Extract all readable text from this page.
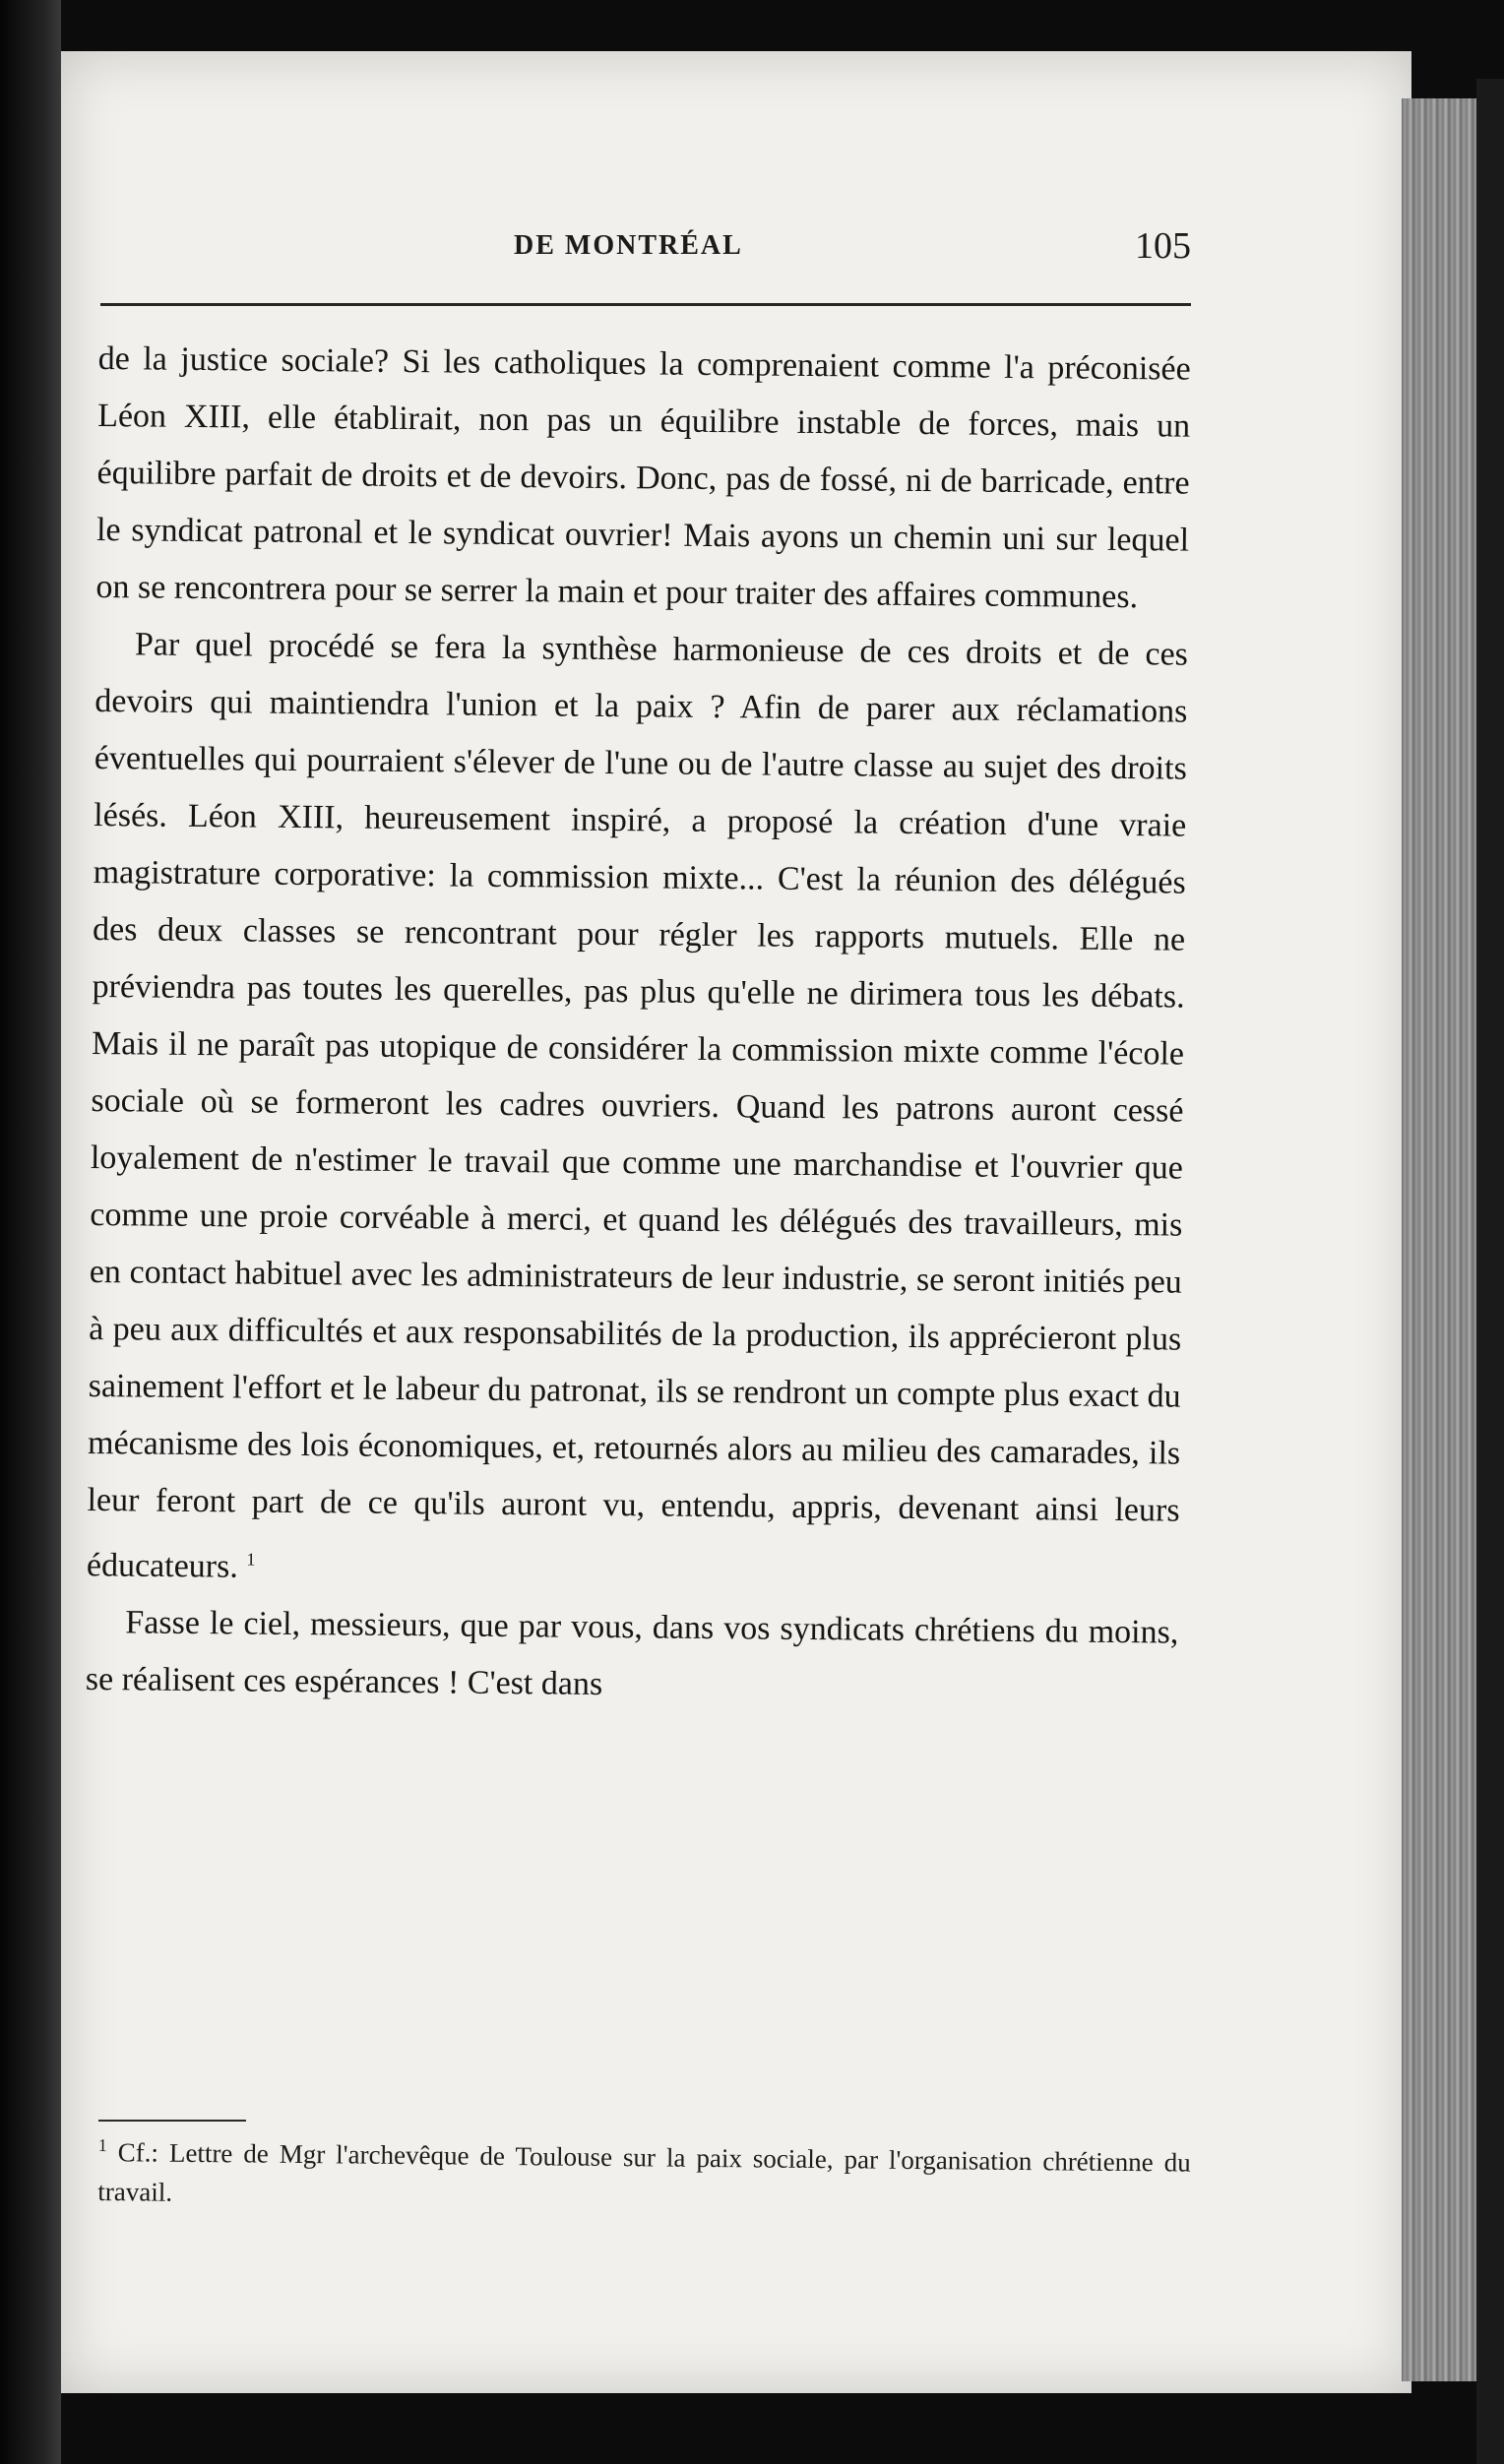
DE MONTRÉAL	105

de la justice sociale? Si les catholiques la comprenaient comme l'a préconisée Léon XIII, elle établirait, non pas un équilibre instable de forces, mais un équilibre parfait de droits et de devoirs. Donc, pas de fossé, ni de barricade, entre le syndicat patronal et le syndicat ouvrier! Mais ayons un chemin uni sur lequel on se rencontrera pour se serrer la main et pour traiter des affaires communes.

Par quel procédé se fera la synthèse harmonieuse de ces droits et de ces devoirs qui maintiendra l'union et la paix ? Afin de parer aux réclamations éventuelles qui pourraient s'élever de l'une ou de l'autre classe au sujet des droits lésés. Léon XIII, heureusement inspiré, a proposé la création d'une vraie magistrature corporative: la commission mixte... C'est la réunion des délégués des deux classes se rencontrant pour régler les rapports mutuels. Elle ne préviendra pas toutes les querelles, pas plus qu'elle ne dirimera tous les débats. Mais il ne paraît pas utopique de considérer la commission mixte comme l'école sociale où se formeront les cadres ouvriers. Quand les patrons auront cessé loyalement de n'estimer le travail que comme une marchandise et l'ouvrier que comme une proie corvéable à merci, et quand les délégués des travailleurs, mis en contact habituel avec les administrateurs de leur industrie, se seront initiés peu à peu aux difficultés et aux responsabilités de la production, ils apprécieront plus sainement l'effort et le labeur du patronat, ils se rendront un compte plus exact du mécanisme des lois économiques, et, retournés alors au milieu des camarades, ils leur feront part de ce qu'ils auront vu, entendu, appris, devenant ainsi leurs éducateurs. $^1$

Fasse le ciel, messieurs, que par vous, dans vos syndicats chrétiens du moins, se réalisent ces espérances ! C'est dans

$^1$ Cf.: Lettre de Mgr l'archevêque de Toulouse sur la paix sociale, par l'organisation chrétienne du travail.
